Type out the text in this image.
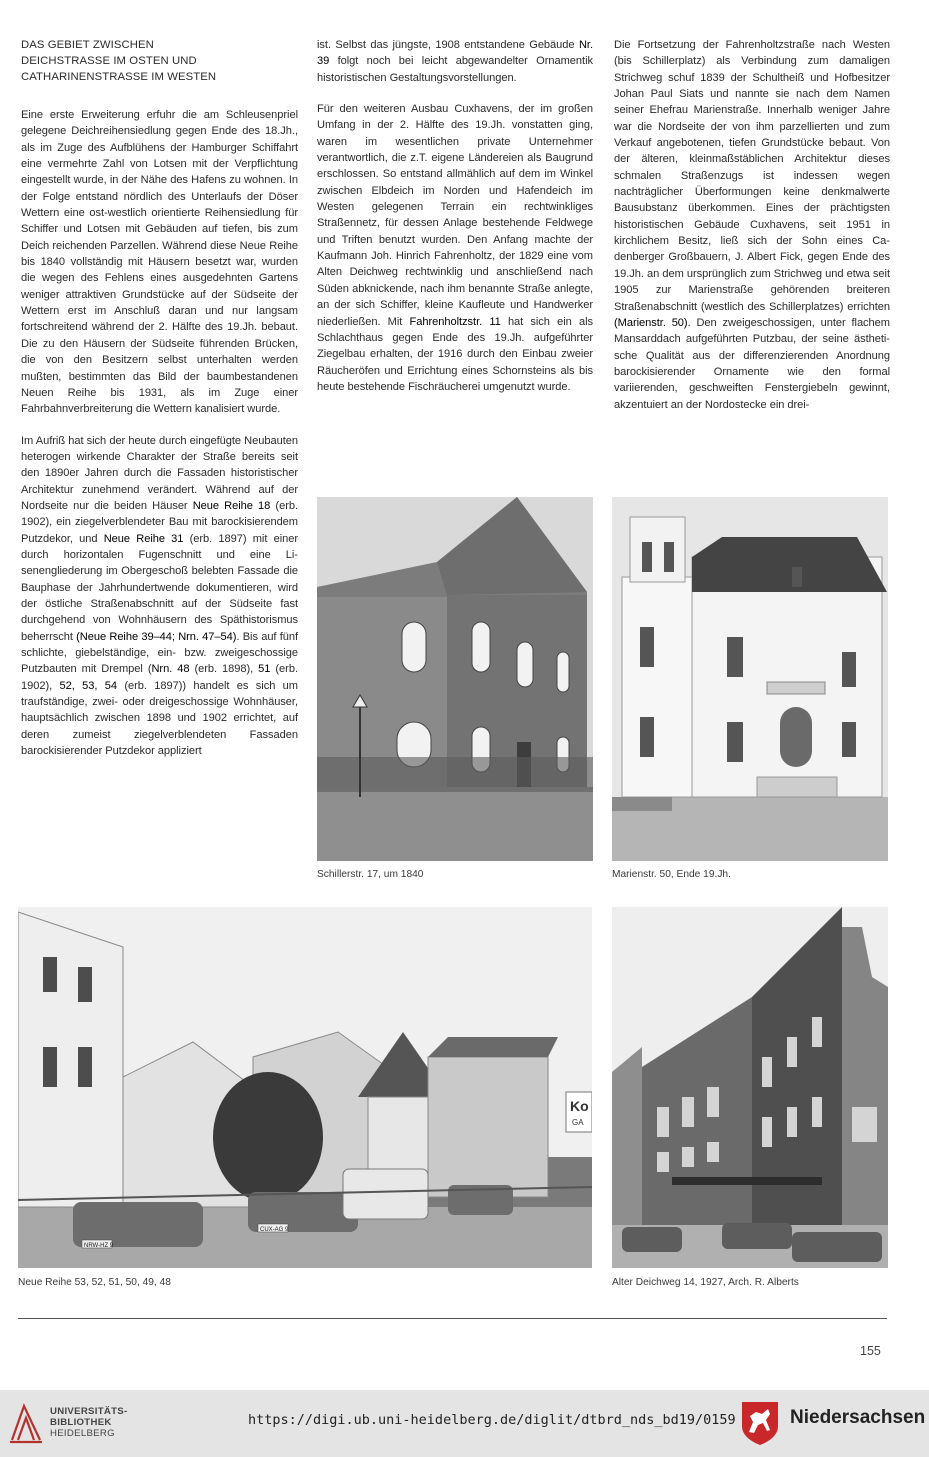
DAS GEBIET ZWISCHEN
DEICHSTRASSE IM OSTEN UND
CATHARINENSTRASSE IM WESTEN

Eine erste Erweiterung erfuhr die am Schleusenpriel gelegene Deichreihensiedlung gegen Ende des 18.Jh., als im Zuge des Aufblühens der Hamburger Schiffahrt eine vermehrte Zahl von Lotsen mit der Verpflichtung eingestellt wurde, in der Nähe des Hafens zu wohnen. In der Folge entstand nördlich des Unterlaufs der Döser Wettern eine ost-westlich orientierte Reihensiedlung für Schiffer und Lotsen mit Gebäuden auf tiefen, bis zum Deich reichenden Parzellen. Während diese Neue Reihe bis 1840 vollständig mit Häusern besetzt war, wurden die wegen des Fehlens eines ausgedehnten Gartens weniger attraktiven Grundstücke auf der Südseite der Wettern erst im Anschluß daran und nur langsam fortschreitend während der 2. Hälfte des 19.Jh. bebaut. Die zu den Häusern der Südseite führenden Brücken, die von den Besitzern selbst unterhalten werden mußten, bestimmten das Bild der baumbestandenen Neuen Reihe bis 1931, als im Zuge einer Fahrbahnverbreiterung die Wettern kanalisiert wurde.

Im Aufriß hat sich der heute durch eingefügte Neubauten heterogen wirkende Charakter der Straße bereits seit den 1890er Jahren durch die Fassaden historistischer Architektur zunehmend verändert. Während auf der Nordseite nur die beiden Häuser Neue Reihe 18 (erb. 1902), ein ziegelverblendeter Bau mit barockisierendem Putzdekor, und Neue Reihe 31 (erb. 1897) mit einer durch horizontalen Fugenschnitt und eine Lisenengliederung im Obergeschoß belebten Fassade die Bauphase der Jahrhundertwende dokumentieren, wird der östliche Straßenabschnitt auf der Südseite fast durchgehend von Wohnhäusern des Späthistorismus beherrscht (Neue Reihe 39–44; Nrn. 47–54). Bis auf fünf schlichte, giebelständige, ein- bzw. zweigeschossige Putzbauten mit Drempel (Nrn. 48 (erb. 1898), 51 (erb. 1902), 52, 53, 54 (erb. 1897)) handelt es sich um traufständige, zwei- oder dreigeschossige Wohnhäuser, hauptsächlich zwischen 1898 und 1902 errichtet, auf deren zumeist ziegelverblendeten Fassaden barockisierender Putzdekor appliziert

ist. Selbst das jüngste, 1908 entstandene Gebäude Nr. 39 folgt noch bei leicht abgewandelter Ornamentik historistischen Gestaltungsvorstellungen.

Für den weiteren Ausbau Cuxhavens, der im großen Umfang in der 2. Hälfte des 19.Jh. vonstatten ging, waren im wesentlichen private Unternehmer verantwortlich, die z.T. eigene Ländеreien als Baugrund erschlossen. So entstand allmählich auf dem im Winkel zwischen Elbdeich im Norden und Hafendeich im Westen gelegenen Terrain ein rechtwinkliges Straßennetz, für dessen Anlage bestehende Feldwege und Triften benutzt wurden. Den Anfang machte der Kaufmann Joh. Hinrich Fahrenholtz, der 1829 eine vom Alten Deichweg rechtwinklig und anschließend nach Süden abknickende, nach ihm benannte Straße anlegte, an der sich Schiffer, kleine Kaufleute und Handwerker niederließen. Mit Fahrenholtzstr. 11 hat sich ein als Schlachthaus gegen Ende des 19.Jh. aufgeführter Ziegelbau erhalten, der 1916 durch den Einbau zweier Räucheröfen und Errichtung eines Schornsteins als bis heute bestehende Fischräucherei umgenutzt wurde.

Die Fortsetzung der Fahrenholtzstraße nach Westen (bis Schillerplatz) als Verbindung zum damaligen Strichweg schuf 1839 der Schultheiß und Hofbesitzer Johan Paul Siats und nannte sie nach dem Namen seiner Ehefrau Marienstraße. Innerhalb weniger Jahre war die Nordseite der von ihm parzellierten und zum Verkauf angebotenen, tiefen Grundstücke bebaut. Von der älteren, kleinmaßstäblichen Architektur dieses schmalen Straßenzugs ist indessen wegen nachträglicher Überformungen keine denkmalwerte Bausubstanz überkommen. Eines der prächtigsten historistischen Gebäude Cuxhavens, seit 1951 in kirchlichem Besitz, ließ sich der Sohn eines Cadenberger Großbauern, J. Albert Fick, gegen Ende des 19.Jh. an dem ursprünglich zum Strichweg und etwa seit 1905 zur Marienstraße gehörenden breiteren Straßenabschnitt (westlich des Schillerplatzes) errichten (Marienstr. 50). Den zweigeschossigen, unter flachem Mansarddach aufgeführten Putzbau, der seine ästhetische Qualität aus der differenzierenden Anordnung barockisierender Ornamente wie den formal variierenden, geschweiften Fenstergiebeln gewinnt, akzentuiert an der Nordostecke ein drei-

Schillerstr. 17, um 1840	Marienstr. 50, Ende 19.Jh.
Ko
GA
NRW-HZ 9
CUX-AG 9
Neue Reihe 53, 52, 51, 50, 49, 48	Alter Deichweg 14, 1927, Arch. R. Alberts
155
UNIVERSITÄTS-
BIBLIOTHEK
HEIDELBERG
https://digi.ub.uni-heidelberg.de/diglit/dtbrd_nds_bd19/0159	Niedersachsen
